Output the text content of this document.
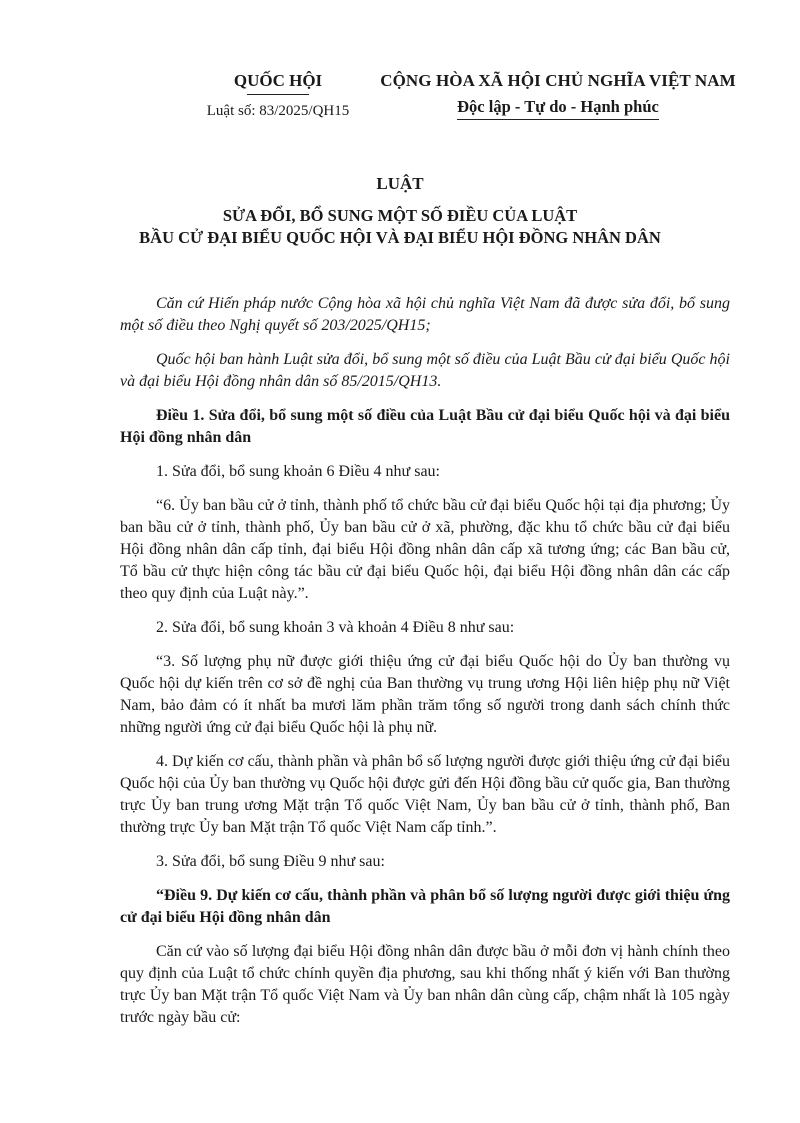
QUỐC HỘI
Luật số: 83/2025/QH15
CỘNG HÒA XÃ HỘI CHỦ NGHĨA VIỆT NAM
Độc lập - Tự do - Hạnh phúc
LUẬT
SỬA ĐỔI, BỔ SUNG MỘT SỐ ĐIỀU CỦA LUẬT
BẦU CỬ ĐẠI BIỂU QUỐC HỘI VÀ ĐẠI BIỂU HỘI ĐỒNG NHÂN DÂN

Căn cứ Hiến pháp nước Cộng hòa xã hội chủ nghĩa Việt Nam đã được sửa đổi, bổ sung một số điều theo Nghị quyết số 203/2025/QH15;

Quốc hội ban hành Luật sửa đổi, bổ sung một số điều của Luật Bầu cử đại biểu Quốc hội và đại biểu Hội đồng nhân dân số 85/2015/QH13.

Điều 1. Sửa đổi, bổ sung một số điều của Luật Bầu cử đại biểu Quốc hội và đại biểu Hội đồng nhân dân

1. Sửa đổi, bổ sung khoản 6 Điều 4 như sau:

“6. Ủy ban bầu cử ở tỉnh, thành phố tổ chức bầu cử đại biểu Quốc hội tại địa phương; Ủy ban bầu cử ở tỉnh, thành phố, Ủy ban bầu cử ở xã, phường, đặc khu tổ chức bầu cử đại biểu Hội đồng nhân dân cấp tỉnh, đại biểu Hội đồng nhân dân cấp xã tương ứng; các Ban bầu cử, Tổ bầu cử thực hiện công tác bầu cử đại biểu Quốc hội, đại biểu Hội đồng nhân dân các cấp theo quy định của Luật này.”.

2. Sửa đổi, bổ sung khoản 3 và khoản 4 Điều 8 như sau:

“3. Số lượng phụ nữ được giới thiệu ứng cử đại biểu Quốc hội do Ủy ban thường vụ Quốc hội dự kiến trên cơ sở đề nghị của Ban thường vụ trung ương Hội liên hiệp phụ nữ Việt Nam, bảo đảm có ít nhất ba mươi lăm phần trăm tổng số người trong danh sách chính thức những người ứng cử đại biểu Quốc hội là phụ nữ.

4. Dự kiến cơ cấu, thành phần và phân bổ số lượng người được giới thiệu ứng cử đại biểu Quốc hội của Ủy ban thường vụ Quốc hội được gửi đến Hội đồng bầu cử quốc gia, Ban thường trực Ủy ban trung ương Mặt trận Tổ quốc Việt Nam, Ủy ban bầu cử ở tỉnh, thành phố, Ban thường trực Ủy ban Mặt trận Tổ quốc Việt Nam cấp tỉnh.”.

3. Sửa đổi, bổ sung Điều 9 như sau:

“Điều 9. Dự kiến cơ cấu, thành phần và phân bổ số lượng người được giới thiệu ứng cử đại biểu Hội đồng nhân dân

Căn cứ vào số lượng đại biểu Hội đồng nhân dân được bầu ở mỗi đơn vị hành chính theo quy định của Luật tổ chức chính quyền địa phương, sau khi thống nhất ý kiến với Ban thường trực Ủy ban Mặt trận Tổ quốc Việt Nam và Ủy ban nhân dân cùng cấp, chậm nhất là 105 ngày trước ngày bầu cử:
